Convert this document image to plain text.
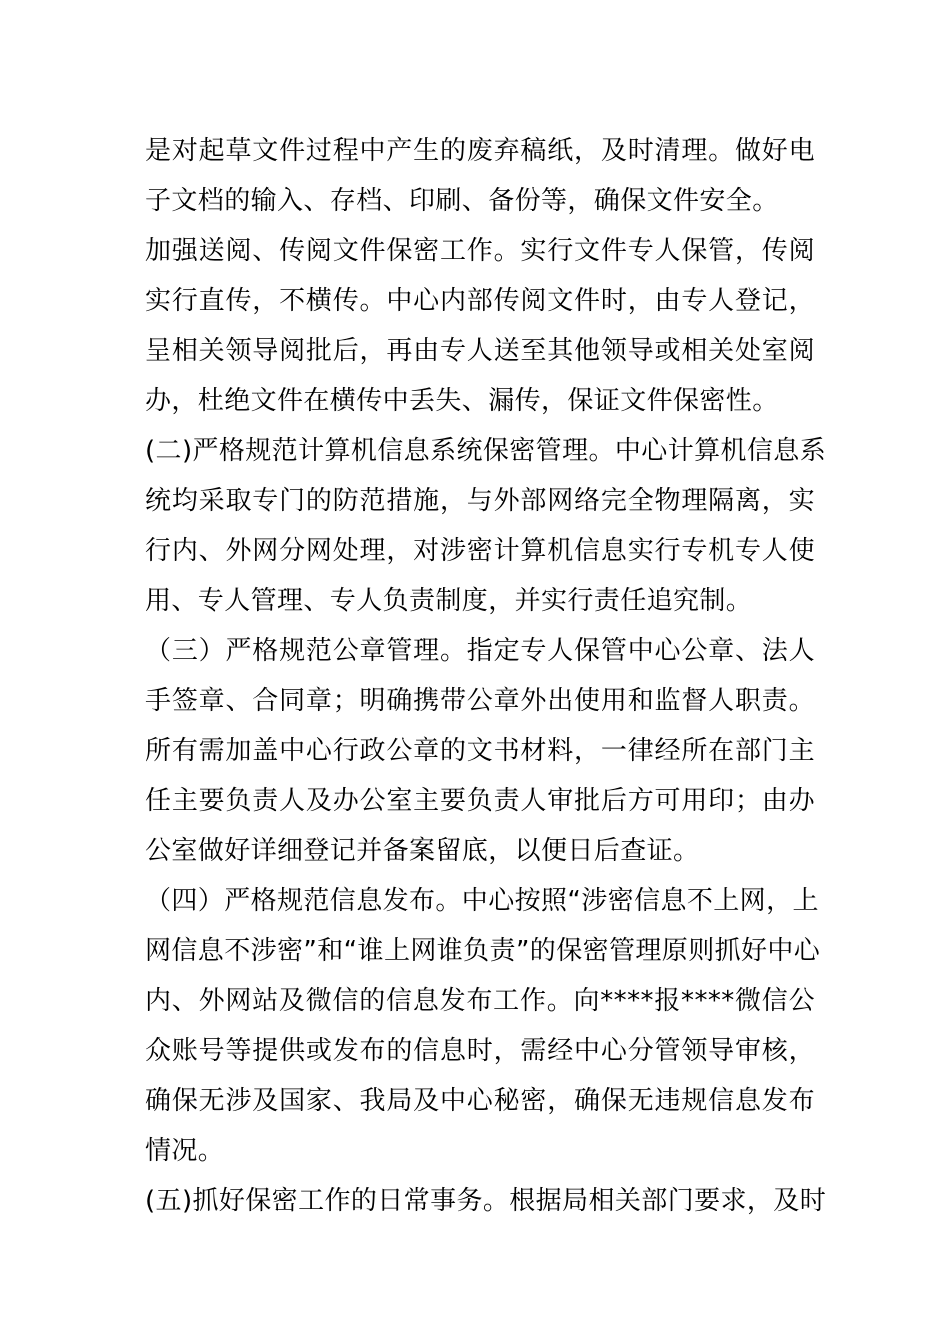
是对起草文件过程中产生的废弃稿纸，及时清理。做好电
子文档的输入、存档、印刷、备份等，确保文件安全。
加强送阅、传阅文件保密工作。实行文件专人保管，传阅
实行直传，不横传。中心内部传阅文件时，由专人登记，
呈相关领导阅批后，再由专人送至其他领导或相关处室阅
办，杜绝文件在横传中丢失、漏传，保证文件保密性。
(二)严格规范计算机信息系统保密管理。中心计算机信息系
统均采取专门的防范措施，与外部网络完全物理隔离，实
行内、外网分网处理，对涉密计算机信息实行专机专人使
用、专人管理、专人负责制度，并实行责任追究制。
（三）严格规范公章管理。指定专人保管中心公章、法人
手签章、合同章；明确携带公章外出使用和监督人职责。
所有需加盖中心行政公章的文书材料，一律经所在部门主
任主要负责人及办公室主要负责人审批后方可用印；由办
公室做好详细登记并备案留底，以便日后查证。
（四）严格规范信息发布。中心按照“涉密信息不上网，上
网信息不涉密”和“谁上网谁负责”的保密管理原则抓好中心
内、外网站及微信的信息发布工作。向****报****微信公
众账号等提供或发布的信息时，需经中心分管领导审核，
确保无涉及国家、我局及中心秘密，确保无违规信息发布
情况。
(五)抓好保密工作的日常事务。根据局相关部门要求，及时
